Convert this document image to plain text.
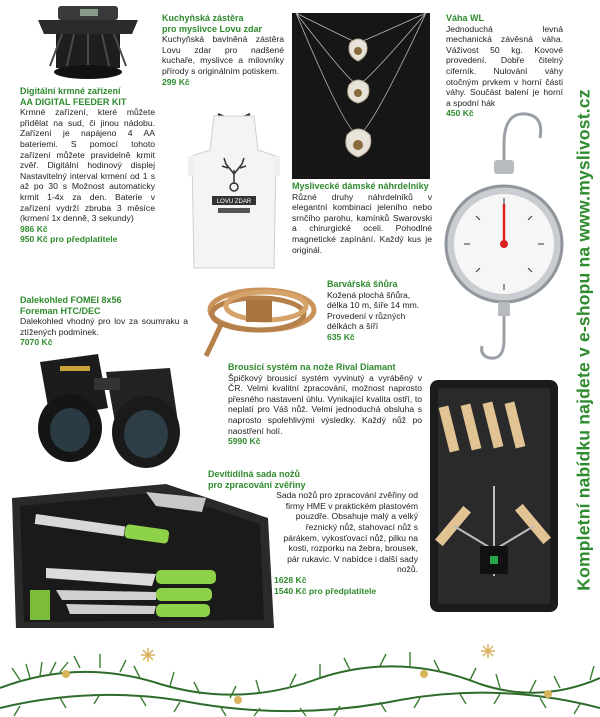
LOVU ZDAR
Digitální krmné zařízení
AA DIGITAL FEEDER KIT
Krmné zařízení, které můžete přidělat na sud, či jinou nádobu. Zařízení je napájeno 4 AA bateriemi. S pomocí tohoto zařízení můžete pravidelně krmit zvěř. Digitální hodinový displej Nastavitelný interval krmení od 1 s až po 30 s Možnost automaticky krmit 1-4x za den. Baterie v zařízení vydrží zbruba 3 měsíce (krmení 1x denně, 3 sekundy)
986 Kč
950 Kč pro předplatitele
Kuchyňská zástěra
pro myslivce Lovu zdar
Kuchyňská bavlněná zástěra Lovu zdar pro nadšené kuchaře, myslivce a milovníky přírody s originálním potiskem.
299 Kč
Váha WL
Jednoduchá levná mechanická závěsná váha. Váživost 50 kg. Kovové provedení. Dobře čitelný ciferník. Nulování váhy otočným prvkem v horní části váhy. Součást balení je horní a spodní hák
450 Kč
Myslivecké dámské náhrdelníky
Různé druhy náhrdelníků v elegantní kombinaci jeleního nebo srnčího parohu, kamínků Swarovski a chirurgické oceli. Pohodlné magnetické zapínání. Každý kus je originál.
Dalekohled FOMEI 8x56
Foreman HTC/DEC
Dalekohled vhodný pro lov za soumraku a ztížených podmínek.
7070 Kč
Barvářská šňůra
Kožená plochá šňůra, délka 10 m, šíře 14 mm. Provedení v různých délkách a šíří
635 Kč
Brousicí systém na nože Rival Diamant
Špičkový brousicí systém vyvinutý a vyráběný v ČR. Velmi kvalitní zpracování, možnost naprosto přesného nastavení úhlu. Vynikající kvalita ostří, to neplatí pro Váš nůž. Velmi jednoduchá obsluha s naprosto spolehlivými výsledky. Každý nůž po naostření holí.
5990 Kč
Devítidílná sada nožů
pro zpracování zvěřiny
Sada nožů pro zpracování zvěřiny od firmy HME v praktickém plastovém pouzdře. Obsahuje malý a velký řeznický nůž, stahovací nůž s párákem, vykosťovací nůž, pilku na kosti, rozporku na žebra, brousek, pár rukavic. V nabídce i další sady nožů.
1628 Kč
1540 Kč pro předplatitele	Kompletní nabídku najdete v e-shopu na www.myslivost.cz
